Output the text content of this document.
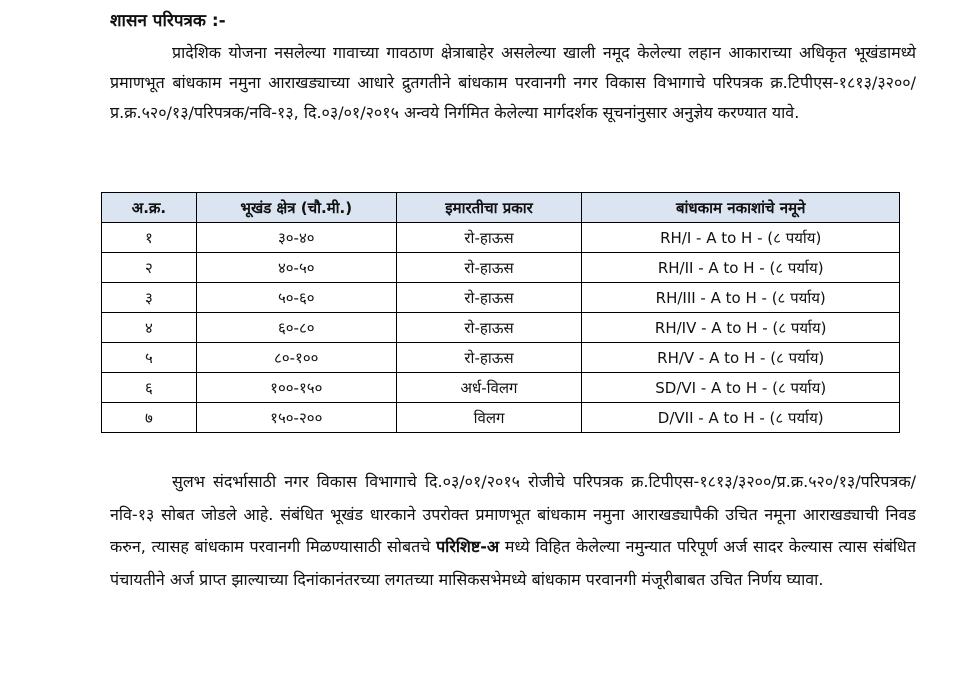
शासन परिपत्रक :-

प्रादेशिक योजना नसलेल्या गावाच्या गावठाण क्षेत्राबाहेर असलेल्या खाली नमूद केलेल्या लहान आकाराच्या अधिकृत भूखंडामध्ये प्रमाणभूत बांधकाम नमुना आराखड्याच्या आधारे द्रुतगतीने बांधकाम परवानगी नगर विकास विभागाचे परिपत्रक क्र.टिपीएस-१८१३/३२००/प्र.क्र.५२०/१३/परिपत्रक/नवि-१३, दि.०३/०१/२०१५ अन्वये निर्गमित केलेल्या मार्गदर्शक सूचनांनुसार अनुज्ञेय करण्यात यावे.

अ.क्र.	भूखंड क्षेत्र (चौ.मी.)	इमारतीचा प्रकार	बांधकाम नकाशांचे नमूने
१	३०-४०	रो-हाऊस	RH/I - A to H - (८ पर्याय)
२	४०-५०	रो-हाऊस	RH/II - A to H - (८ पर्याय)
३	५०-६०	रो-हाऊस	RH/III - A to H - (८ पर्याय)
४	६०-८०	रो-हाऊस	RH/IV - A to H - (८ पर्याय)
५	८०-१००	रो-हाऊस	RH/V - A to H - (८ पर्याय)
६	१००-१५०	अर्ध-विलग	SD/VI - A to H - (८ पर्याय)
७	१५०-२००	विलग	D/VII - A to H - (८ पर्याय)

सुलभ संदर्भासाठी नगर विकास विभागाचे दि.०३/०१/२०१५ रोजीचे परिपत्रक क्र.टिपीएस-१८१३/३२००/प्र.क्र.५२०/१३/परिपत्रक/नवि-१३ सोबत जोडले आहे. संबंधित भूखंड धारकाने उपरोक्त प्रमाणभूत बांधकाम नमुना आराखड्यापैकी उचित नमूना आराखड्याची निवड करुन, त्यासह बांधकाम परवानगी मिळण्यासाठी सोबतचे परिशिष्ट-अ मध्ये विहित केलेल्या नमुन्यात परिपूर्ण अर्ज सादर केल्यास त्यास संबंधित पंचायतीने अर्ज प्राप्त झाल्याच्या दिनांकानंतरच्या लगतच्या मासिकसभेमध्ये बांधकाम परवानगी मंजूरीबाबत उचित निर्णय घ्यावा.
